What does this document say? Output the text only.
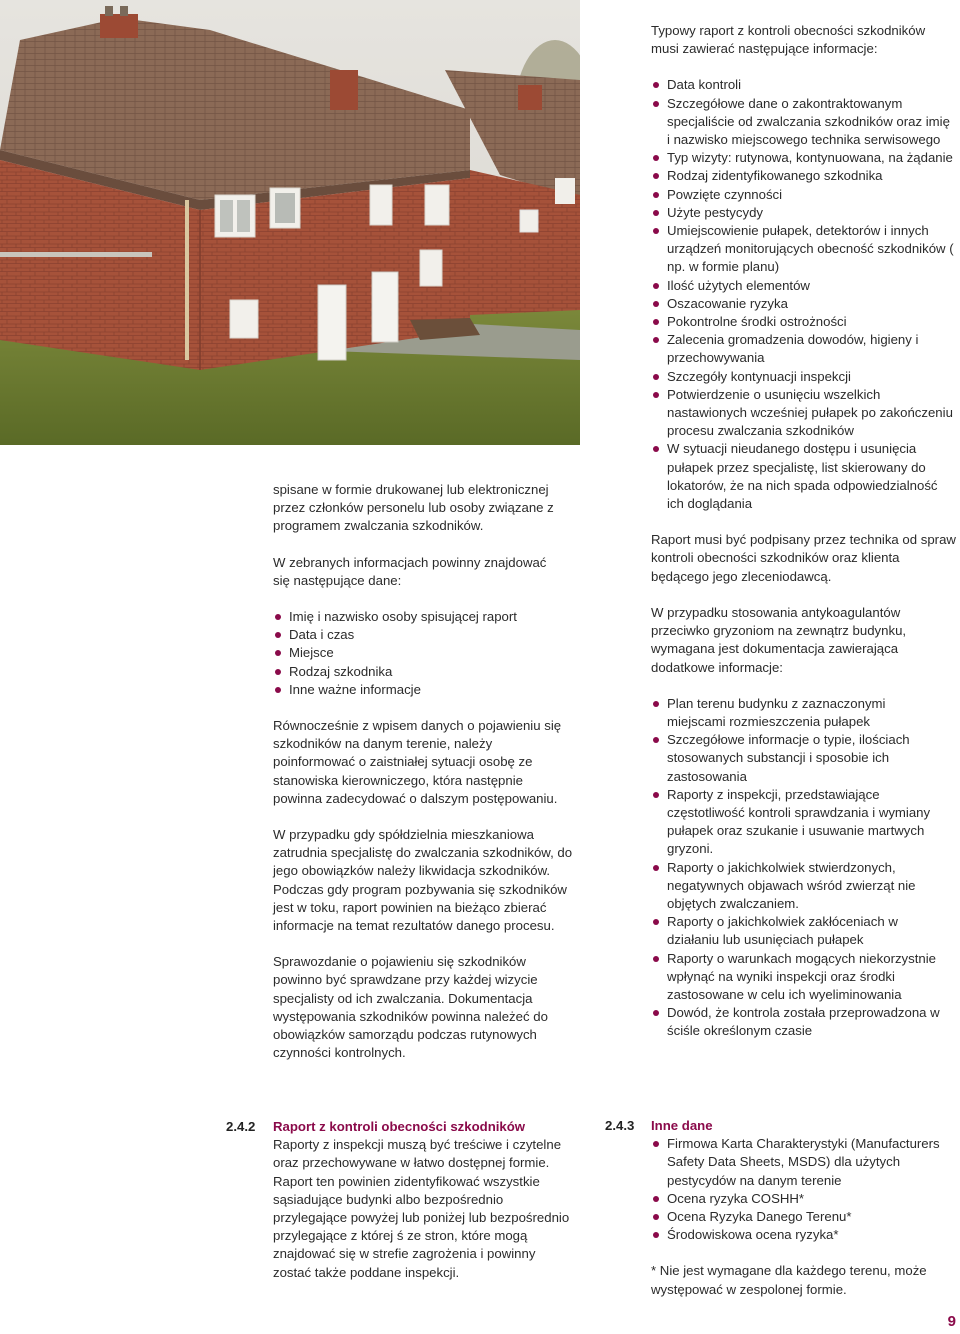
spisane w formie drukowanej lub elektronicznej przez członków personelu lub osoby związane z programem zwalczania szkodników.

W zebranych informacjach powinny znajdować się następujące dane:

Imię i nazwisko osoby spisującej raport
Data i czas
Miejsce
Rodzaj szkodnika
Inne ważne informacje

Równocześnie z wpisem danych o pojawieniu się szkodników na danym terenie, należy poinformować o zaistniałej sytuacji osobę ze stanowiska kierowniczego, która następnie powinna zadecydować o dalszym postępowaniu.

W przypadku gdy spółdzielnia mieszkaniowa zatrudnia specjalistę do zwalczania szkodników, do jego obowiązków należy likwidacja szkodników. Podczas gdy program pozbywania się szkodników jest w toku, raport powinien na bieżąco zbierać informacje na temat rezultatów danego procesu.

Sprawozdanie o pojawieniu się szkodników powinno być sprawdzane przy każdej wizycie specjalisty od ich zwalczania. Dokumentacja występowania szkodników powinna należeć do obowiązków samorządu podczas rutynowych czynności kontrolnych.

2.4.2 Raport z kontroli obecności szkodników

Raporty z inspekcji muszą być treściwe i czytelne oraz przechowywane w łatwo dostępnej formie. Raport ten powinien zidentyfikować wszystkie sąsiadujące budynki albo bezpośrednio przylegające powyżej lub poniżej lub bezpośrednio przylegające z której ś ze stron, które mogą znajdować się w strefie zagrożenia i powinny zostać także poddane inspekcji.

Typowy raport z kontroli obecności szkodników musi zawierać następujące informacje:

Data kontroli
Szczegółowe dane o zakontraktowanym specjaliście od zwalczania szkodników oraz imię i nazwisko miejscowego technika serwisowego
Typ wizyty: rutynowa, kontynuowana, na żądanie
Rodzaj zidentyfikowanego szkodnika
Powzięte czynności
Użyte pestycydy
Umiejscowienie pułapek, detektorów i innych urządzeń monitorujących obecność szkodników ( np. w formie planu)
Ilość użytych elementów
Oszacowanie ryzyka
Pokontrolne środki ostrożności
Zalecenia gromadzenia dowodów, higieny i przechowywania
Szczegóły kontynuacji inspekcji
Potwierdzenie o usunięciu wszelkich nastawionych wcześniej pułapek po zakończeniu procesu zwalczania szkodników
W sytuacji nieudanego dostępu i usunięcia pułapek przez specjalistę, list skierowany do lokatorów, że na nich spada odpowiedzialność ich doglądania

Raport musi być podpisany przez technika od spraw kontroli obecności szkodników oraz klienta będącego jego zleceniodawcą.

W przypadku stosowania antykoagulantów przeciwko gryzoniom na zewnątrz budynku, wymagana jest dokumentacja zawierająca dodatkowe informacje:

Plan terenu budynku z zaznaczonymi miejscami rozmieszczenia pułapek
Szczegółowe informacje o typie, ilościach stosowanych substancji i sposobie ich zastosowania
Raporty z inspekcji, przedstawiające częstotliwość kontroli sprawdzania i wymiany pułapek oraz szukanie i usuwanie martwych gryzoni.
Raporty o jakichkolwiek stwierdzonych, negatywnych objawach wśród zwierząt nie objętych zwalczaniem.
Raporty o jakichkolwiek zakłóceniach w działaniu lub usunięciach pułapek
Raporty o warunkach mogących niekorzystnie wpłynąć na wyniki inspekcji oraz środki zastosowane w celu ich wyeliminowania
Dowód, że kontrola została przeprowadzona w ściśle określonym czasie
2.4.3 Inne dane

Firmowa Karta Charakterystyki (Manufacturers Safety Data Sheets, MSDS) dla użytych pestycydów na danym terenie
Ocena ryzyka COSHH*
Ocena Ryzyka Danego Terenu*
Środowiskowa ocena ryzyka*

* Nie jest wymagane dla każdego terenu, może występować w zespolonej formie.

9
